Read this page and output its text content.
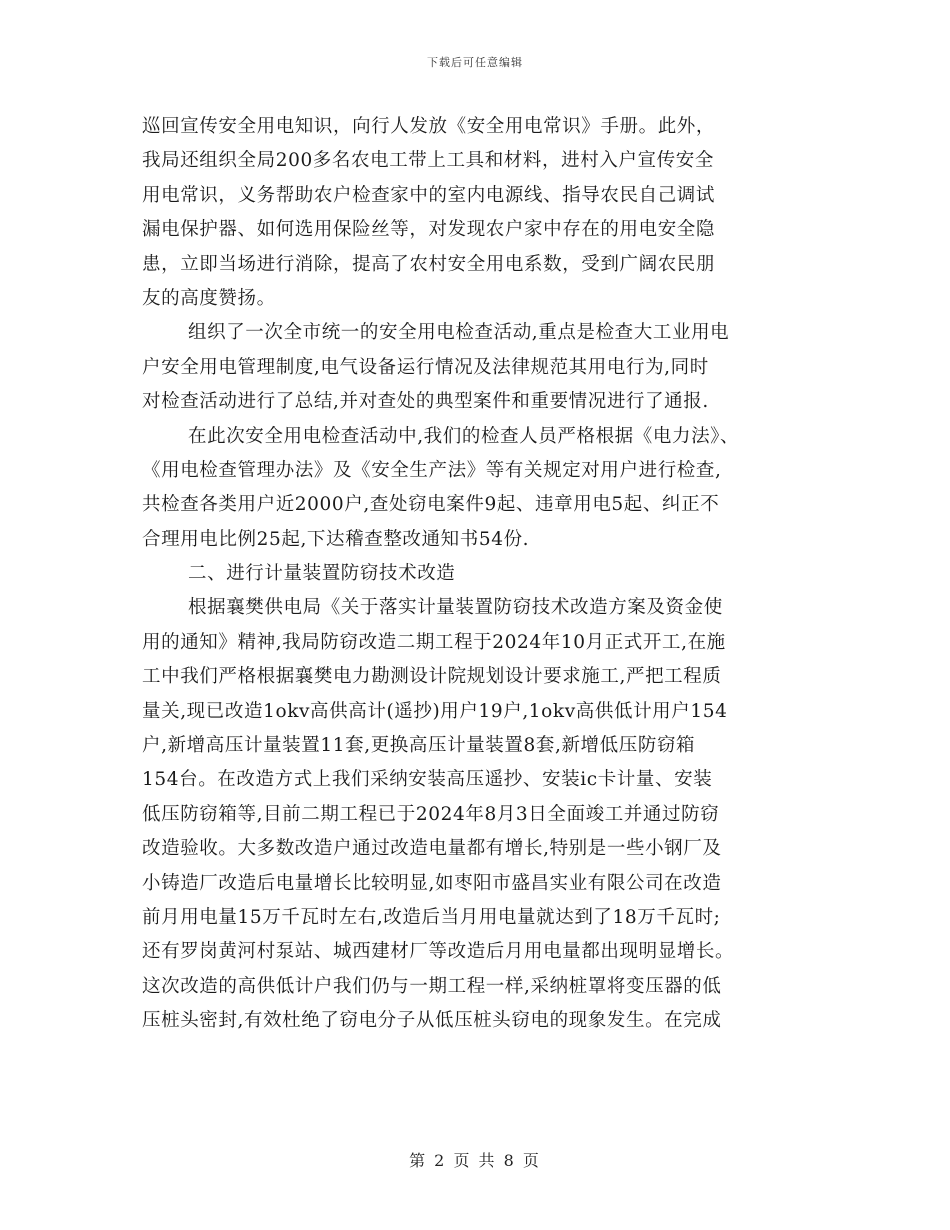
下载后可任意编辑
巡回宣传安全用电知识，向行人发放《安全用电常识》手册。此外，
我局还组织全局200多名农电工带上工具和材料，进村入户宣传安全
用电常识，义务帮助农户检查家中的室内电源线、指导农民自己调试
漏电保护器、如何选用保险丝等，对发现农户家中存在的用电安全隐
患，立即当场进行消除，提高了农村安全用电系数，受到广阔农民朋
友的高度赞扬。
组织了一次全市统一的安全用电检查活动,重点是检查大工业用电
户安全用电管理制度,电气设备运行情况及法律规范其用电行为,同时
对检查活动进行了总结,并对查处的典型案件和重要情况进行了通报.
在此次安全用电检查活动中,我们的检查人员严格根据《电力法》、
《用电检查管理办法》及《安全生产法》等有关规定对用户进行检查,
共检查各类用户近2000户,查处窃电案件9起、违章用电5起、纠正不
合理用电比例25起,下达稽查整改通知书54份.
二、进行计量装置防窃技术改造
根据襄樊供电局《关于落实计量装置防窃技术改造方案及资金使
用的通知》精神,我局防窃改造二期工程于2024年10月正式开工,在施
工中我们严格根据襄樊电力勘测设计院规划设计要求施工,严把工程质
量关,现已改造1okv高供高计(遥抄)用户19户,1okv高供低计用户154
户,新增高压计量装置11套,更换高压计量装置8套,新增低压防窃箱
154台。在改造方式上我们采纳安装高压遥抄、安装ic卡计量、安装
低压防窃箱等,目前二期工程已于2024年8月3日全面竣工并通过防窃
改造验收。大多数改造户通过改造电量都有增长,特别是一些小钢厂及
小铸造厂改造后电量增长比较明显,如枣阳市盛昌实业有限公司在改造
前月用电量15万千瓦时左右,改造后当月用电量就达到了18万千瓦时;
还有罗岗黄河村泵站、城西建材厂等改造后月用电量都出现明显增长。
这次改造的高供低计户我们仍与一期工程一样,采纳桩罩将变压器的低
压桩头密封,有效杜绝了窃电分子从低压桩头窃电的现象发生。在完成
第 2 页 共 8 页
